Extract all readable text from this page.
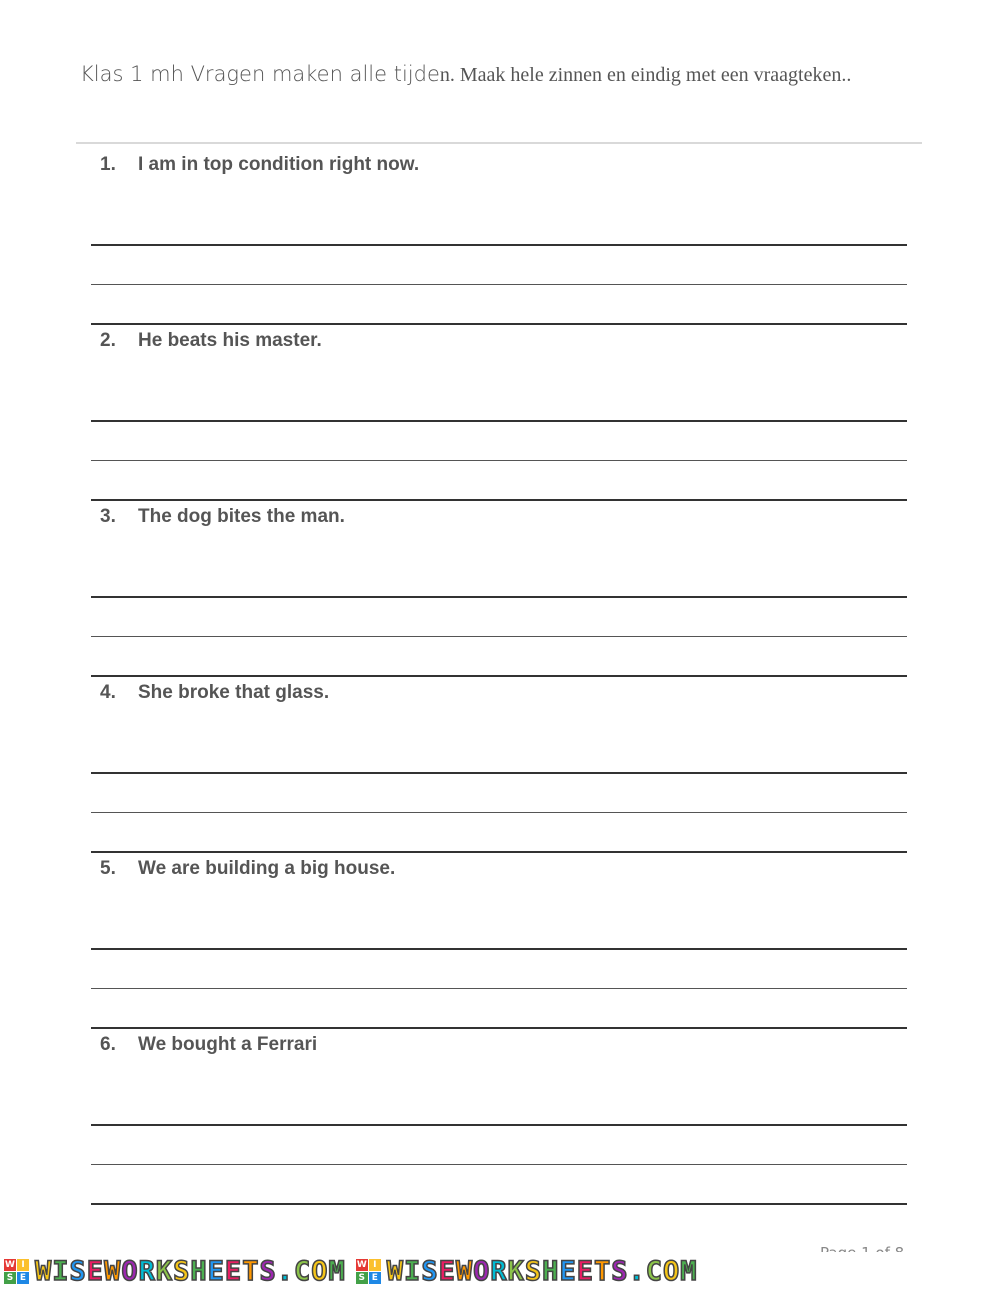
Klas 1 mh Vragen maken alle tijden. Maak hele zinnen en eindig met een vraagteken..
1. I am in top condition right now.
2. He beats his master.
3. The dog bites the man.
4. She broke that glass.
5. We are building a big house.
6. We bought a Ferrari
W I
S E WISEWORKSHEETS.COM W I
S E WISEWORKSHEETS.COM
